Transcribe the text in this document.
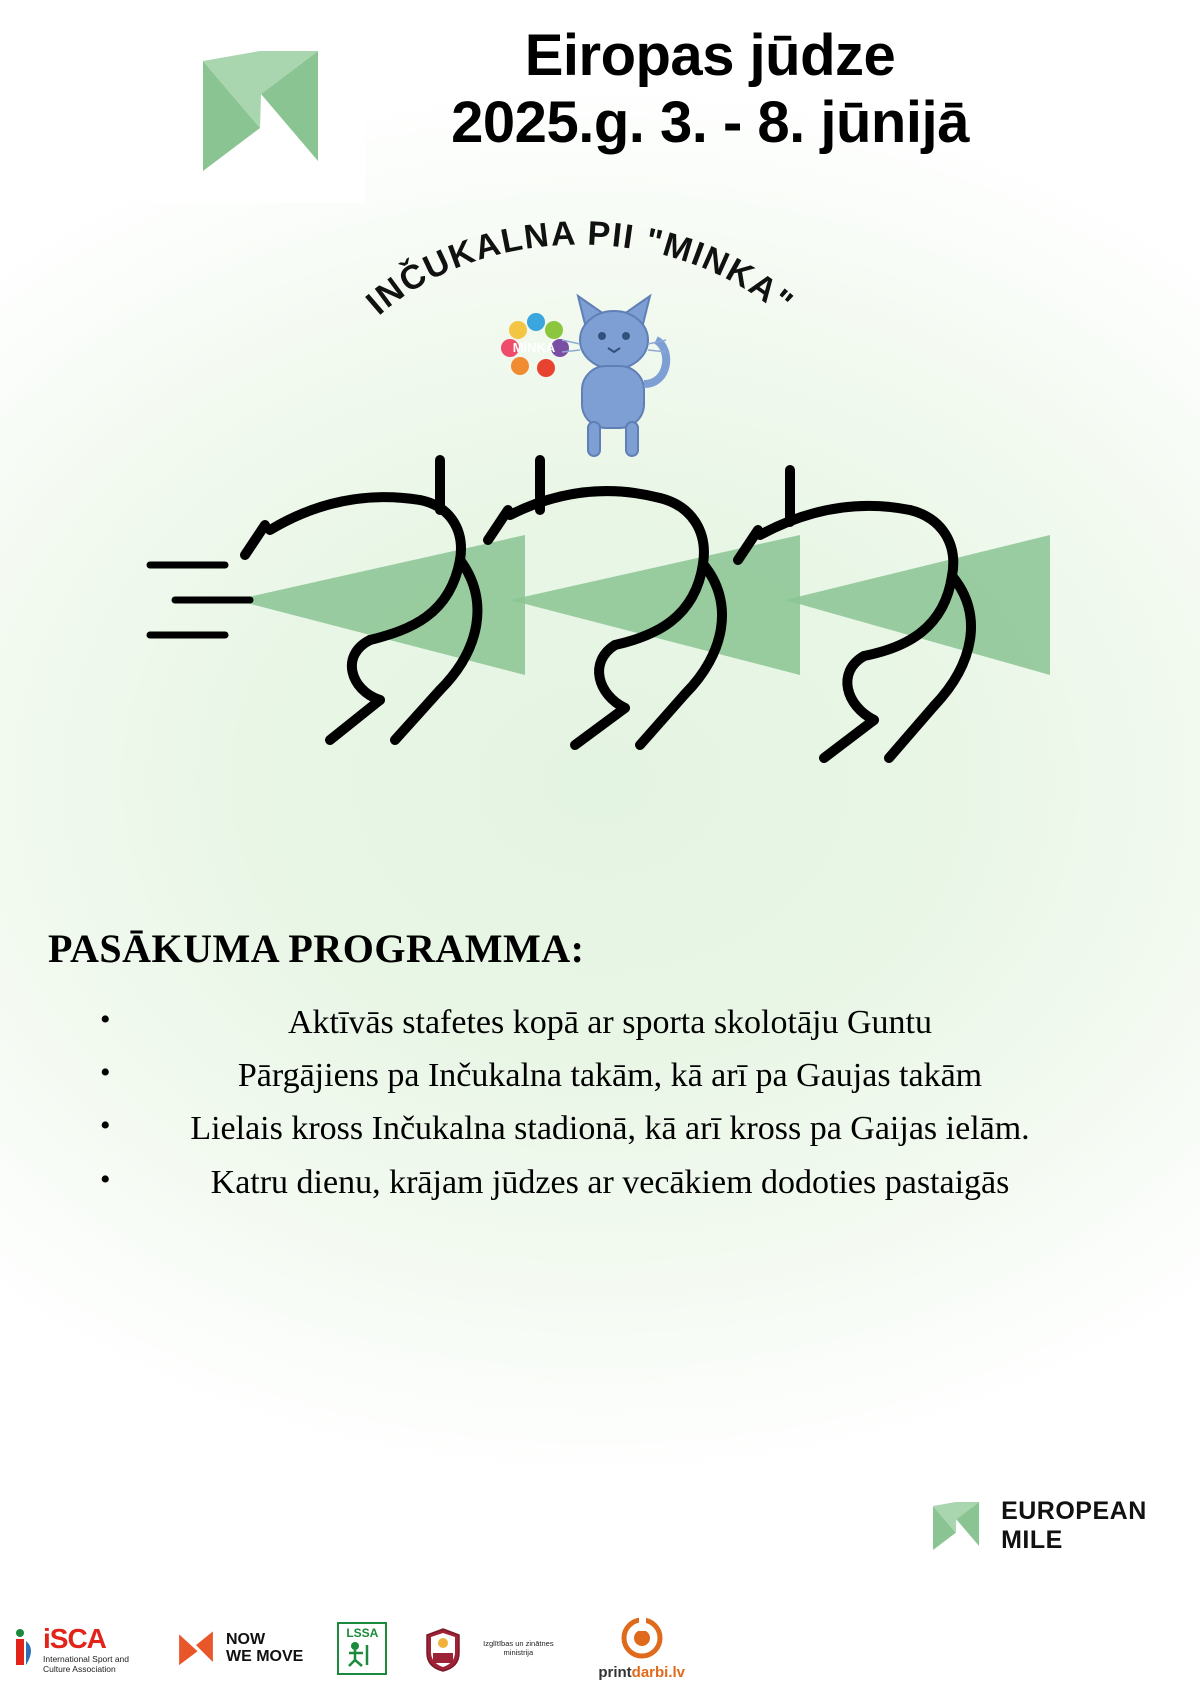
Eiropas jūdze
2025.g. 3. - 8. jūnijā
INČUKALNA PII "MINKA"
MINKA
PASĀKUMA PROGRAMMA:
•	Aktīvās stafetes kopā ar sporta skolotāju Guntu
•	Pārgājiens pa Inčukalna takām, kā arī pa Gaujas takām
• Lielais kross Inčukalna stadionā, kā arī kross pa Gaijas ielām.
•	Katru dienu, krājam jūdzes ar vecākiem dodoties pastaigās
EUROPEAN MILE
iSCA
International Sport and Culture Association
NOW
WE MOVE
LSSA
Izglītības un zinātnes ministrija
printdarbi.lv
